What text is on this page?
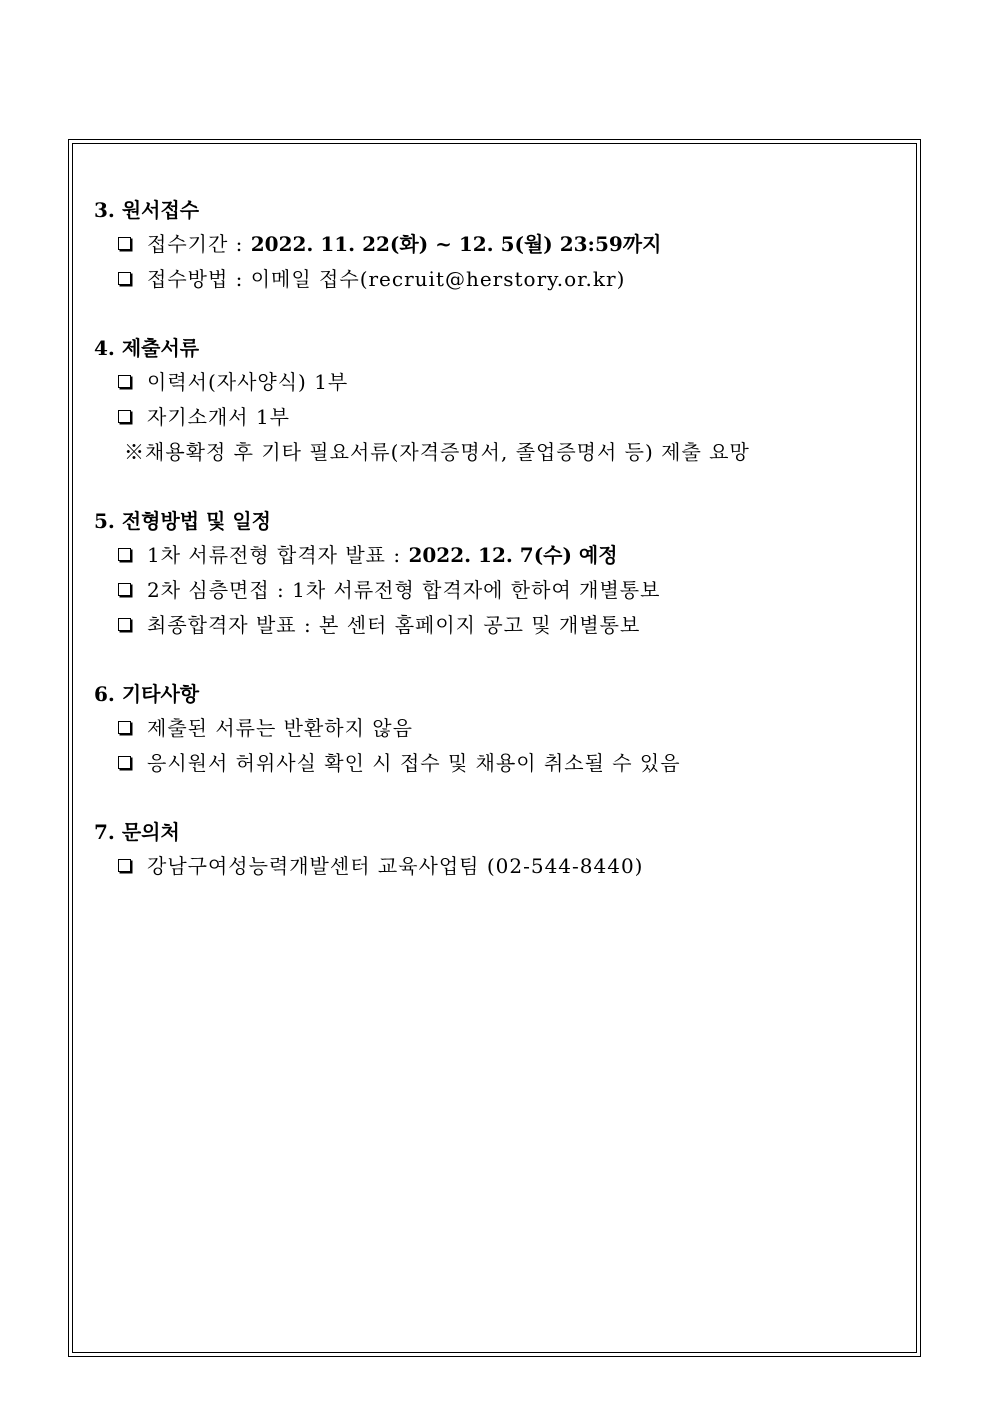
3. 원서접수
접수기간 : 2022. 11. 22(화) ~ 12. 5(월) 23:59까지
접수방법 : 이메일 접수(recruit@herstory.or.kr)
4. 제출서류
이력서(자사양식) 1부
자기소개서 1부
※채용확정 후 기타 필요서류(자격증명서, 졸업증명서 등) 제출 요망
5. 전형방법 및 일정
1차 서류전형 합격자 발표 : 2022. 12. 7(수) 예정
2차 심층면접 : 1차 서류전형 합격자에 한하여 개별통보
최종합격자 발표 : 본 센터 홈페이지 공고 및 개별통보
6. 기타사항
제출된 서류는 반환하지 않음
응시원서 허위사실 확인 시 접수 및 채용이 취소될 수 있음
7. 문의처
강남구여성능력개발센터 교육사업팀 (02-544-8440)
